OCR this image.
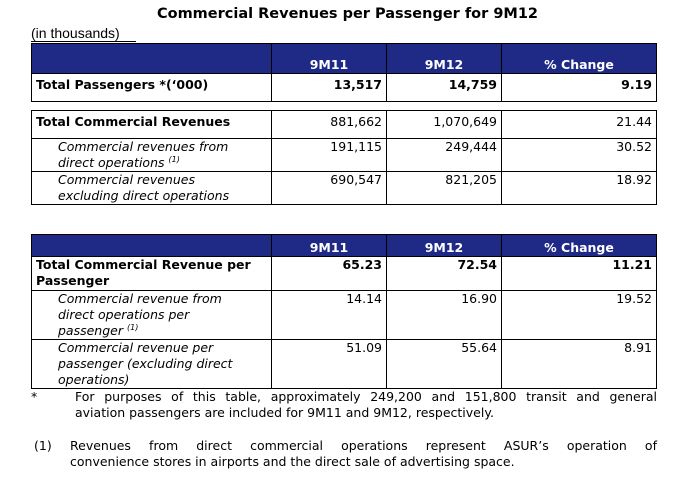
Commercial Revenues per Passenger for 9M12
(in thousands)
	9M11	9M12	% Change
Total Passengers *(‘000)	13,517	14,759	9.19

Total Commercial Revenues	881,662	1,070,649	21.44
Commercial revenues from
direct operations $^{(1)}$	191,115	249,444	30.52
Commercial revenues
excluding direct operations	690,547	821,205	18.92
	9M11	9M12	% Change
Total Commercial Revenue per
Passenger	65.23	72.54	11.21
Commercial revenue from
direct operations per
passenger $^{(1)}$	14.14	16.90	19.52
Commercial revenue per
passenger (excluding direct
operations)	51.09	55.64	8.91
*	For purposes of this table, approximately 249,200 and 151,800 transit and general
aviation passengers are included for 9M11 and 9M12, respectively.
(1) Revenues from direct commercial operations represent ASUR’s operation of
convenience stores in airports and the direct sale of advertising space.
